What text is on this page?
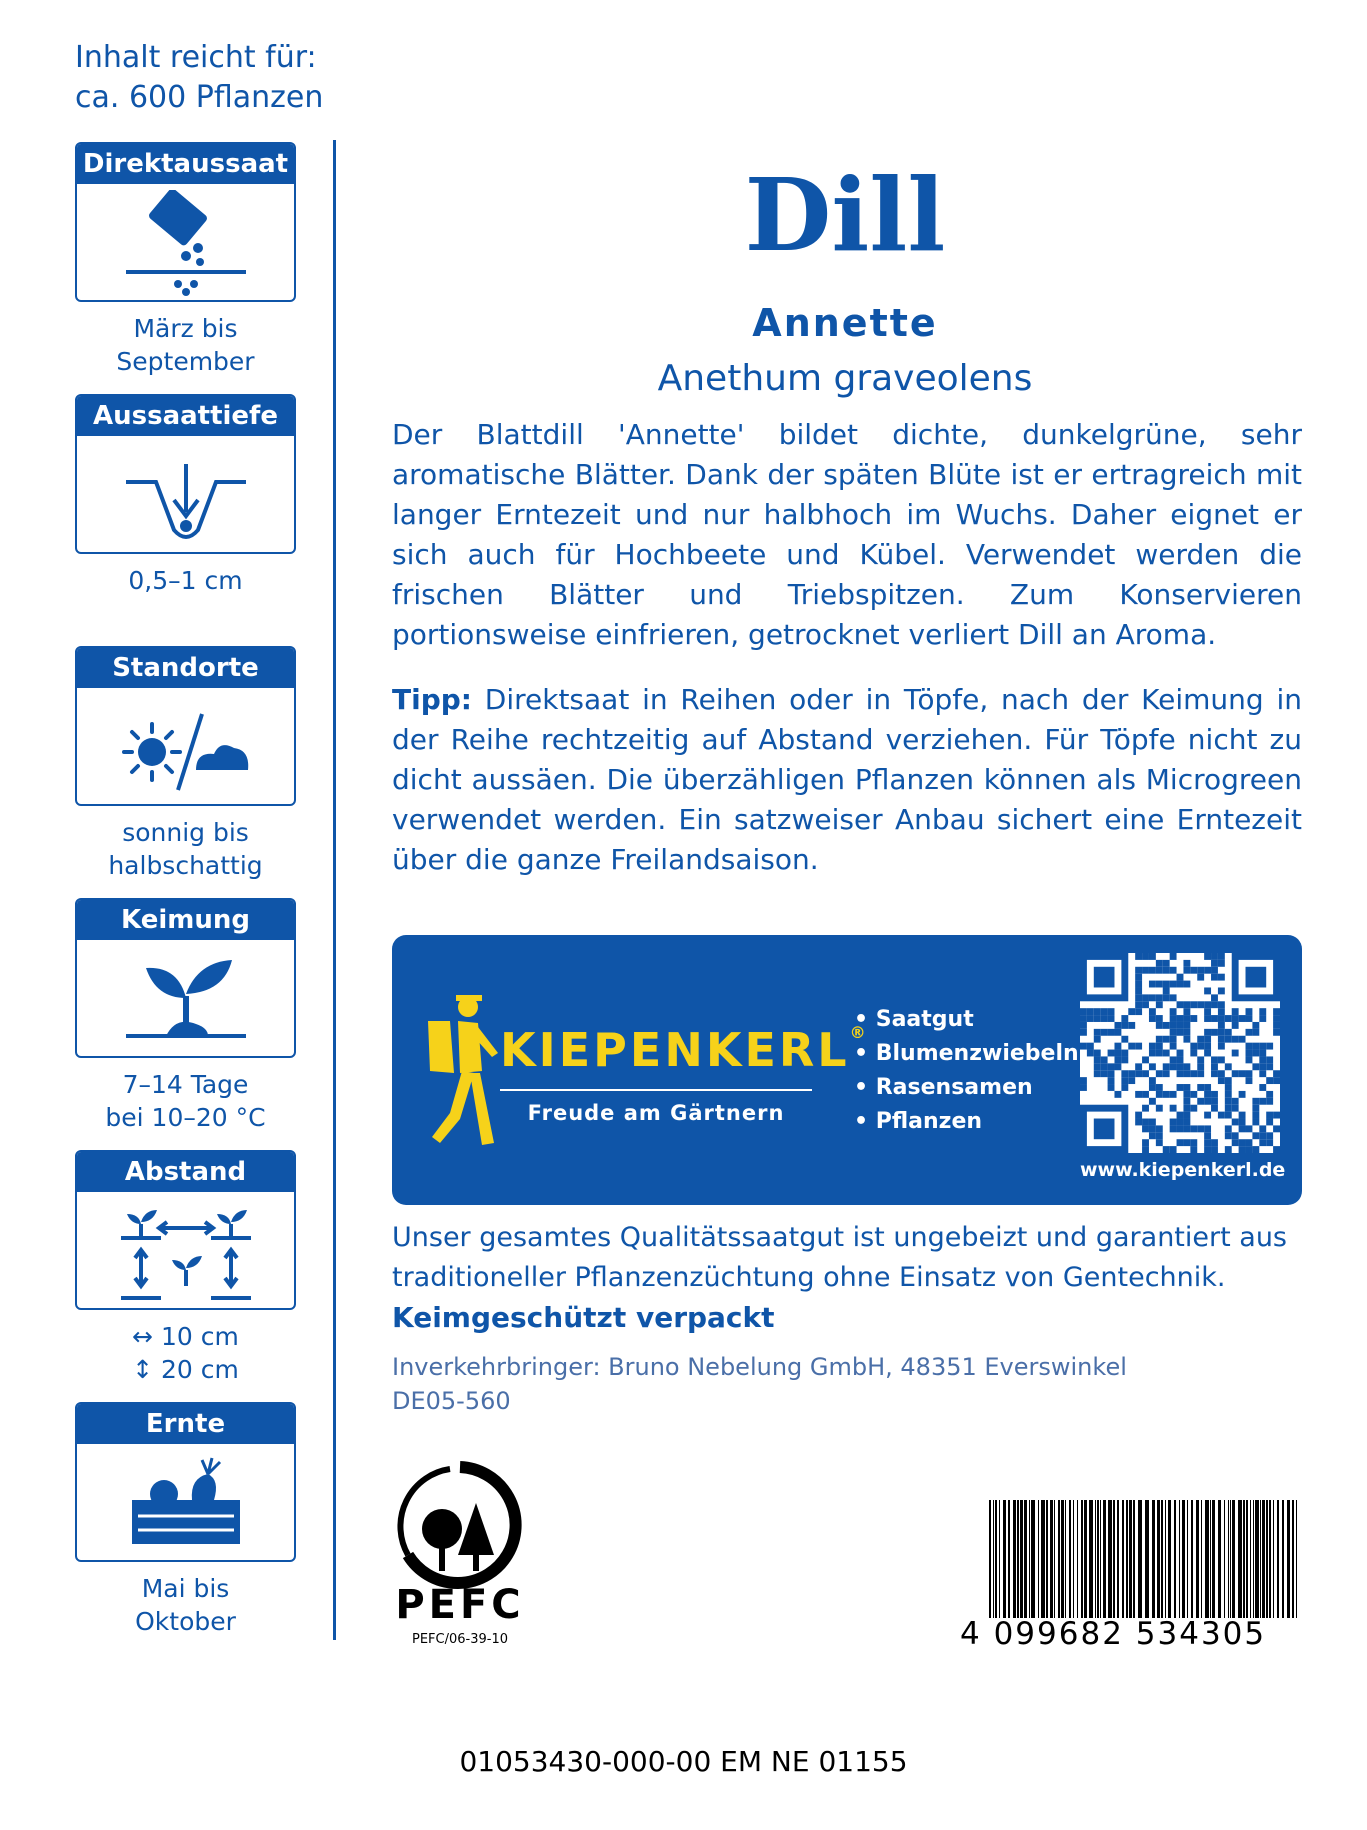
Inhalt reicht für:
ca. 600 Pflanzen
Direktaussaat
März bis
September
Aussaattiefe
0,5–1 cm
Standorte
sonnig bis
halbschattig
Keimung
7–14 Tage
bei 10–20 °C
Abstand
↔ 10 cm
↕ 20 cm
Ernte
Mai bis
Oktober
Dill
Annette
Anethum graveolens
Der Blattdill 'Annette' bildet dichte, dunkelgrüne, sehr aromatische Blätter. Dank der späten Blüte ist er ertragreich mit langer Erntezeit und nur halbhoch im Wuchs. Daher eignet er sich auch für Hochbeete und Kübel. Verwendet werden die frischen Blätter und Triebspitzen. Zum Konservieren portionsweise einfrieren, getrocknet verliert Dill an Aroma.
Tipp: Direktsaat in Reihen oder in Töpfe, nach der Keimung in der Reihe rechtzeitig auf Abstand verziehen. Für Töpfe nicht zu dicht aussäen. Die überzähligen Pflanzen können als Microgreen verwendet werden. Ein satzweiser Anbau sichert eine Erntezeit über die ganze Freilandsaison.
KIEPENKERL®
Freude am Gärtnern
• Saatgut
• Blumenzwiebeln
• Rasensamen
• Pflanzen
www.kiepenkerl.de
Unser gesamtes Qualitätssaatgut ist ungebeizt und garantiert aus traditioneller Pflanzenzüchtung ohne Einsatz von Gentechnik.
Keimgeschützt verpackt
Inverkehrbringer: Bruno Nebelung GmbH, 48351 Everswinkel
DE05-560
PEFC
PEFC/06-39-10	4 099682 534305
01053430-000-00 EM NE 01155
